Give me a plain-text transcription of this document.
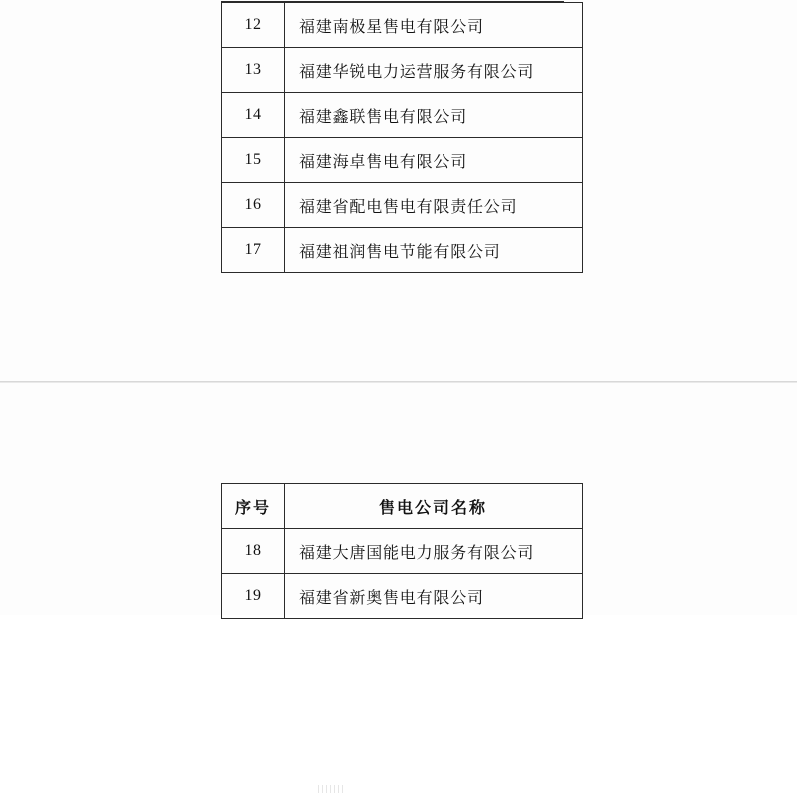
12	福建南极星售电有限公司
13	福建华锐电力运营服务有限公司
14	福建鑫联售电有限公司
15	福建海卓售电有限公司
16	福建省配电售电有限责任公司
17	福建祖润售电节能有限公司
序号	售电公司名称
18	福建大唐国能电力服务有限公司
19	福建省新奥售电有限公司
